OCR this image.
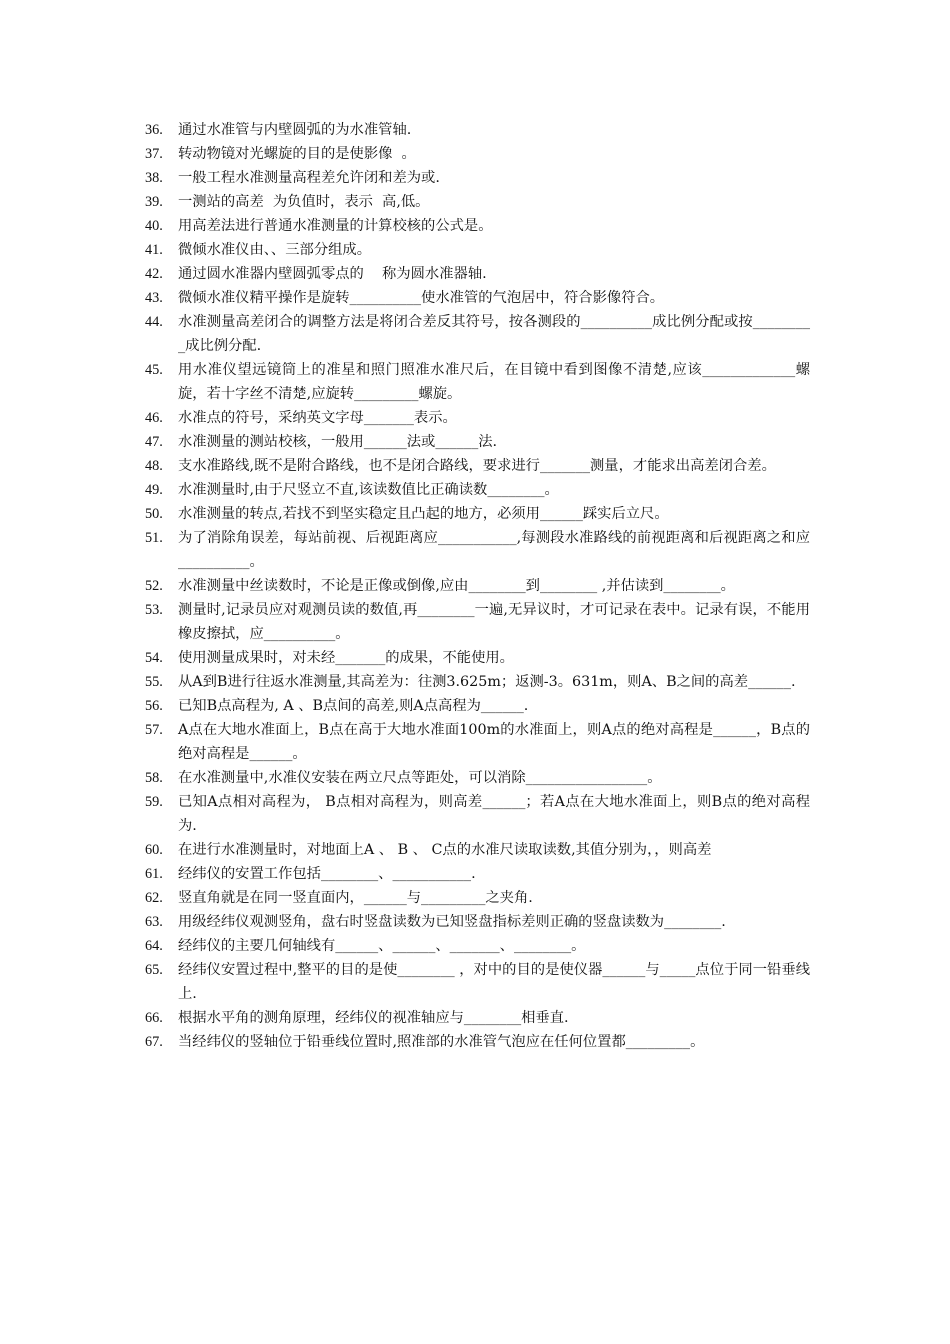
36.	通过水准管与内壁圆弧的为水准管轴.
37.	转动物镜对光螺旋的目的是使影像  。
38.	一般工程水准测量高程差允许闭和差为或.
39.	一测站的高差  为负值时，表示  高,低。
40.	用高差法进行普通水准测量的计算校核的公式是。
41.	微倾水准仪由、、三部分组成。
42.	通过圆水准器内壁圆弧零点的    称为圆水准器轴.
43.	微倾水准仪精平操作是旋转__________使水准管的气泡居中，符合影像符合。
44.	水准测量高差闭合的调整方法是将闭合差反其符号，按各测段的__________成比例分配或按_________成比例分配.
45.	用水准仪望远镜筒上的准星和照门照准水准尺后，在目镜中看到图像不清楚,应该_____________螺旋，若十字丝不清楚,应旋转_________螺旋。
46.	水准点的符号，采纳英文字母_______表示。
47.	水准测量的测站校核，一般用______法或______法.
48.	支水准路线,既不是附合路线，也不是闭合路线，要求进行_______测量，才能求出高差闭合差。
49.	水准测量时,由于尺竖立不直,该读数值比正确读数________。
50.	水准测量的转点,若找不到坚实稳定且凸起的地方，必须用______踩实后立尺。
51.	为了消除角误差，每站前视、后视距离应___________,每测段水准路线的前视距离和后视距离之和应__________。
52.	水准测量中丝读数时，不论是正像或倒像,应由________到________ ,并估读到________。
53.	测量时,记录员应对观测员读的数值,再________一遍,无异议时，才可记录在表中。记录有误，不能用橡皮擦拭，应__________。
54.	使用测量成果时，对未经_______的成果，不能使用。
55.	从A到B进行往返水准测量,其高差为：往测3.625m；返测-3。631m，则A、B之间的高差______.
56.	已知B点高程为, A 、B点间的高差,则A点高程为______.
57.	A点在大地水准面上，B点在高于大地水准面100m的水准面上，则A点的绝对高程是______，B点的绝对高程是______。
58.	在水准测量中,水准仪安装在两立尺点等距处，可以消除_________________。
59.	已知A点相对高程为， B点相对高程为，则高差______；若A点在大地水准面上，则B点的绝对高程为.
60.	在进行水准测量时，对地面上A 、 B 、 C点的水准尺读取读数,其值分别为，，则高差
61.	经纬仪的安置工作包括________、___________.
62.	竖直角就是在同一竖直面内，______与_________之夹角.
63.	用级经纬仪观测竖角，盘右时竖盘读数为已知竖盘指标差则正确的竖盘读数为________.
64.	经纬仪的主要几何轴线有______、______、_______、________。
65.	经纬仪安置过程中,整平的目的是使________ ，对中的目的是使仪器______与_____点位于同一铅垂线上.
66.	根据水平角的测角原理，经纬仪的视准轴应与________相垂直.
67.	当经纬仪的竖轴位于铅垂线位置时,照准部的水准管气泡应在任何位置都_________。
